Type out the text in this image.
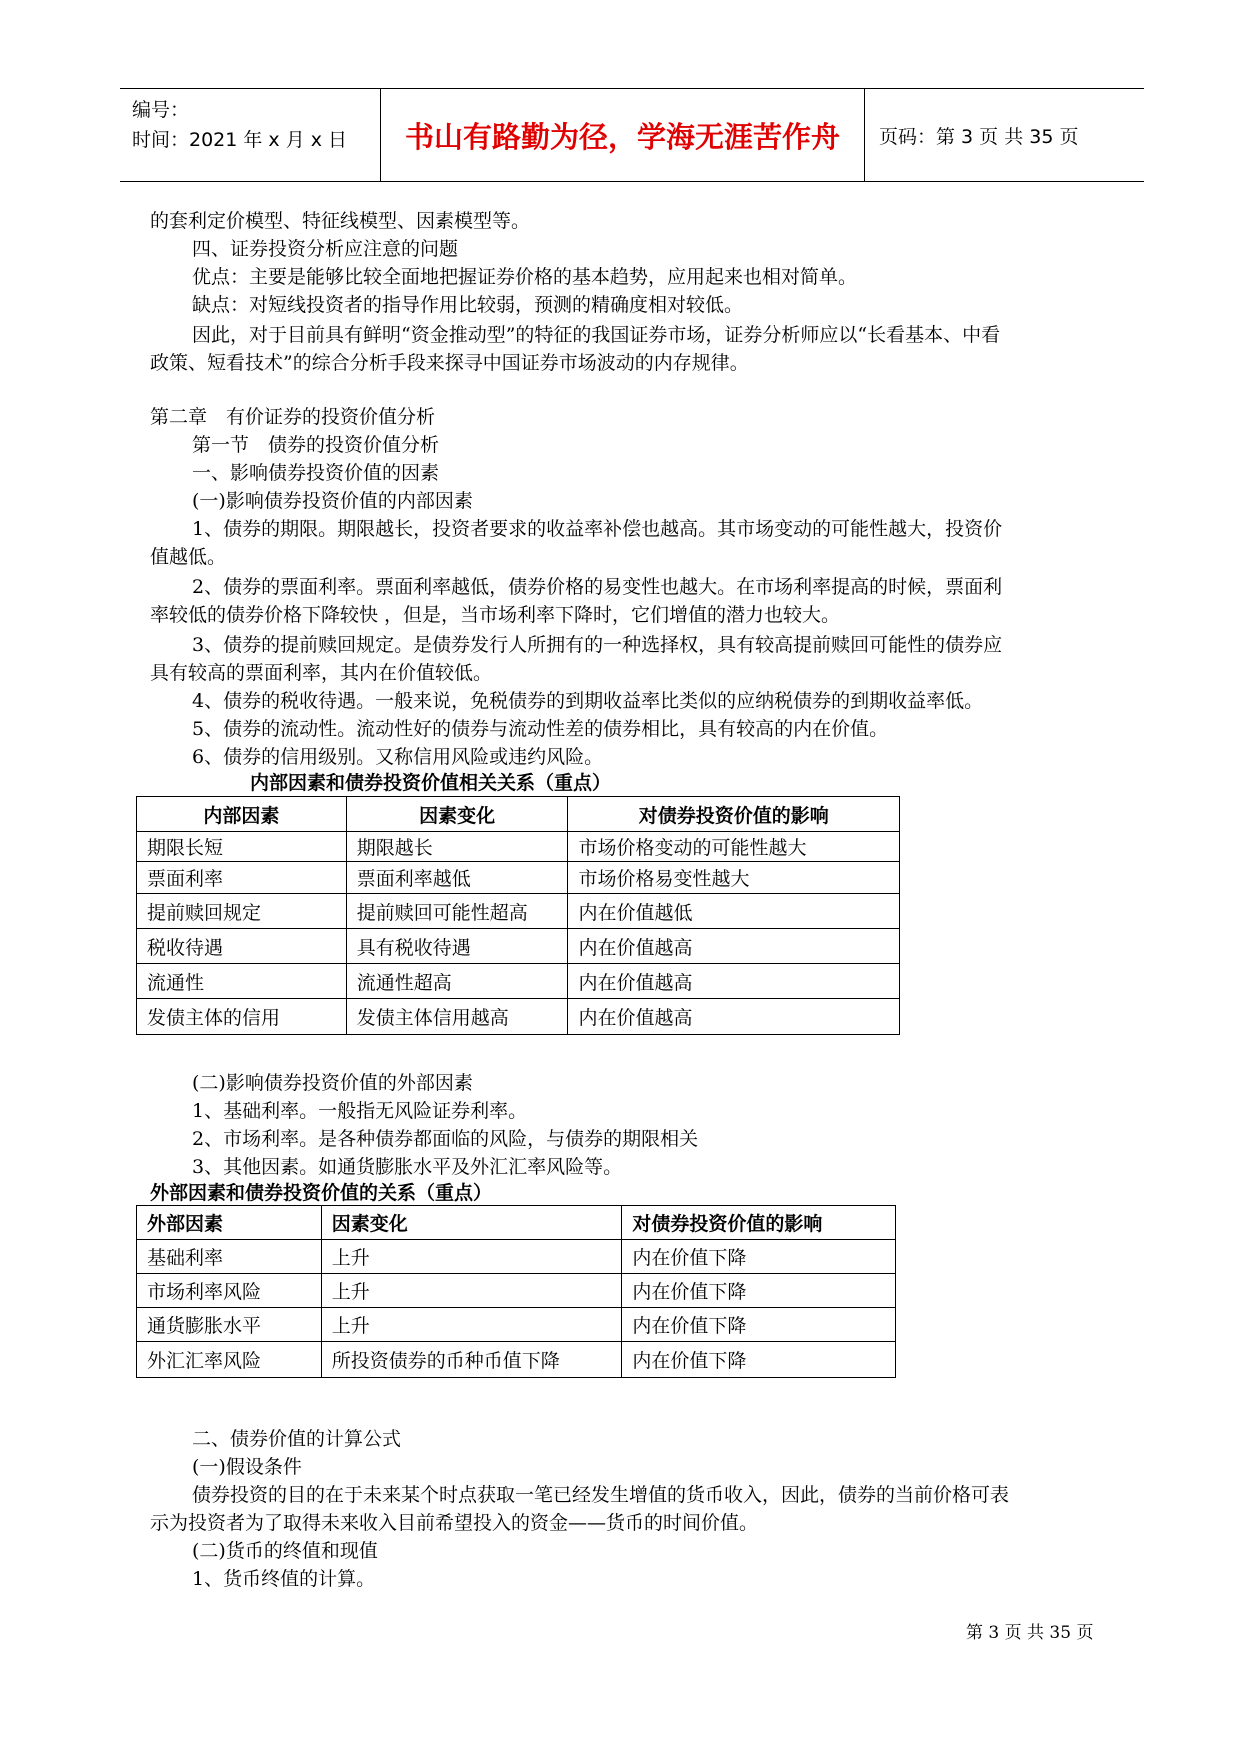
编号：
时间：2021 年 x 月 x 日	书山有路勤为径，学海无涯苦作舟	页码：第 3 页 共 35 页
的套利定价模型、特征线模型、因素模型等。
四、证券投资分析应注意的问题
优点：主要是能够比较全面地把握证券价格的基本趋势，应用起来也相对简单。
缺点：对短线投资者的指导作用比较弱，预测的精确度相对较低。
因此，对于目前具有鲜明“资金推动型”的特征的我国证券市场，证券分析师应以“长看基本、中看
政策、短看技术”的综合分析手段来探寻中国证券市场波动的内存规律。
第二章　有价证券的投资价值分析
第一节　债券的投资价值分析
一、影响债券投资价值的因素
(一)影响债券投资价值的内部因素
1、债券的期限。期限越长，投资者要求的收益率补偿也越高。其市场变动的可能性越大，投资价
值越低。
2、债券的票面利率。票面利率越低，债券价格的易变性也越大。在市场利率提高的时候，票面利
率较低的债券价格下降较快 ，但是，当市场利率下降时，它们增值的潜力也较大。
3、债券的提前赎回规定。是债券发行人所拥有的一种选择权，具有较高提前赎回可能性的债券应
具有较高的票面利率，其内在价值较低。
4、债券的税收待遇。一般来说，免税债券的到期收益率比类似的应纳税债券的到期收益率低。
5、债券的流动性。流动性好的债券与流动性差的债券相比，具有较高的内在价值。
6、债券的信用级别。又称信用风险或违约风险。
内部因素和债券投资价值相关关系（重点）
内部因素	因素变化	对债券投资价值的影响
期限长短	期限越长	市场价格变动的可能性越大
票面利率	票面利率越低	市场价格易变性越大
提前赎回规定	提前赎回可能性超高	内在价值越低
税收待遇	具有税收待遇	内在价值越高
流通性	流通性超高	内在价值越高
发债主体的信用	发债主体信用越高	内在价值越高
(二)影响债券投资价值的外部因素
1、基础利率。一般指无风险证券利率。
2、市场利率。是各种债券都面临的风险，与债券的期限相关
3、其他因素。如通货膨胀水平及外汇汇率风险等。
外部因素和债券投资价值的关系（重点）
外部因素	因素变化	对债券投资价值的影响
基础利率	上升	内在价值下降
市场利率风险	上升	内在价值下降
通货膨胀水平	上升	内在价值下降
外汇汇率风险	所投资债券的币种币值下降	内在价值下降
二、债券价值的计算公式
(一)假设条件
债券投资的目的在于未来某个时点获取一笔已经发生增值的货币收入，因此，债券的当前价格可表
示为投资者为了取得未来收入目前希望投入的资金——货币的时间价值。
(二)货币的终值和现值
1、货币终值的计算。
第 3 页 共 35 页
